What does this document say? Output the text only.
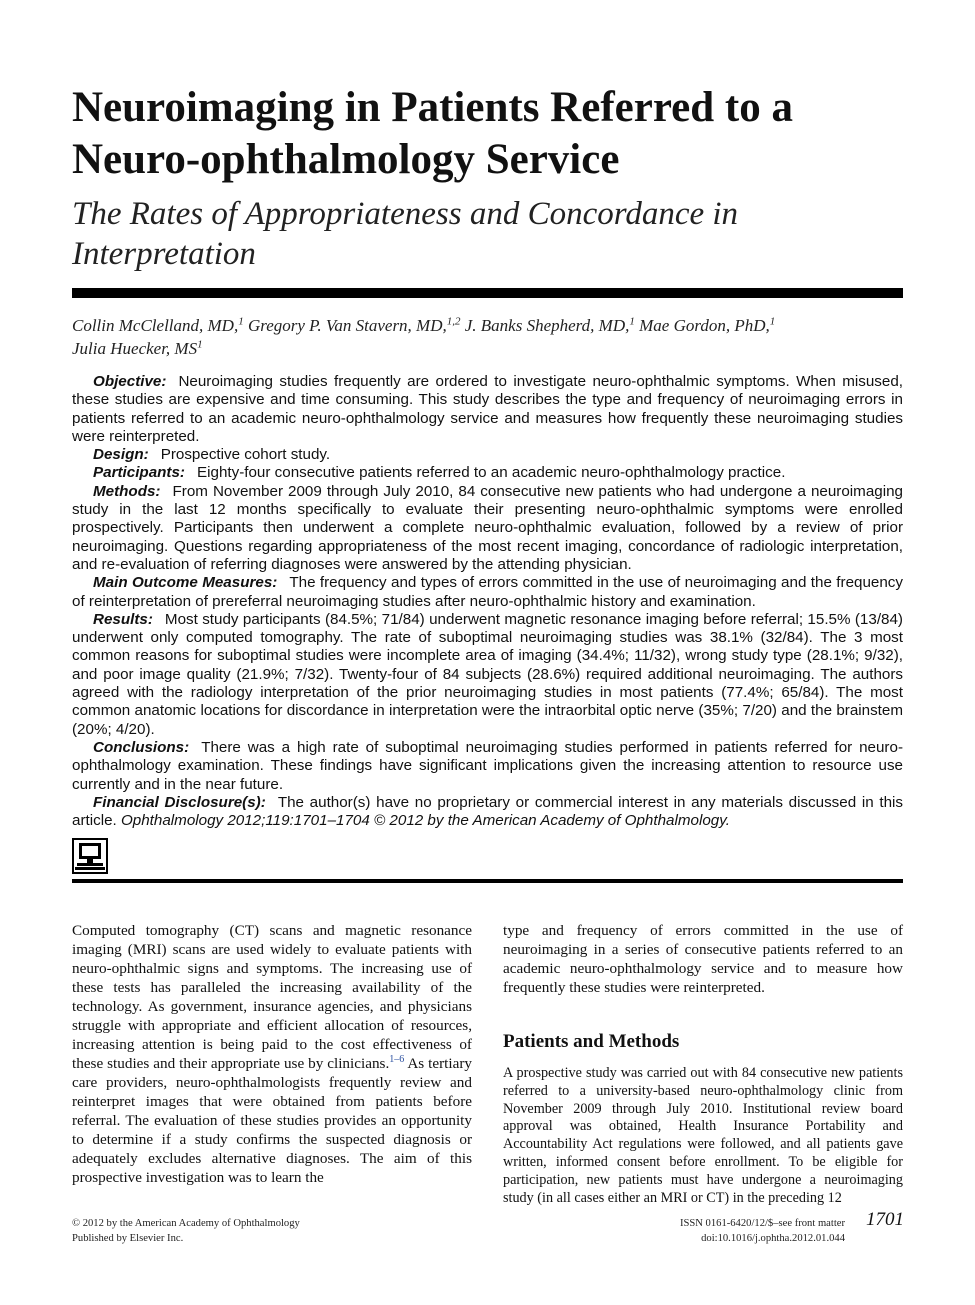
Neuroimaging in Patients Referred to a Neuro-ophthalmology Service
The Rates of Appropriateness and Concordance in Interpretation
Collin McClelland, MD,$^1$ Gregory P. Van Stavern, MD,$^{1,2}$ J. Banks Shepherd, MD,$^1$ Mae Gordon, PhD,$^1$
Julia Huecker, $MS^1$

Objective: Neuroimaging studies frequently are ordered to investigate neuro-ophthalmic symptoms. When misused, these studies are expensive and time consuming. This study describes the type and frequency of neuroimaging errors in patients referred to an academic neuro-ophthalmology service and measures how frequently these neuroimaging studies were reinterpreted.

Design: Prospective cohort study.

Participants: Eighty-four consecutive patients referred to an academic neuro-ophthalmology practice.

Methods: From November 2009 through July 2010, 84 consecutive new patients who had undergone a neuroimaging study in the last 12 months specifically to evaluate their presenting neuro-ophthalmic symptoms were enrolled prospectively. Participants then underwent a complete neuro-ophthalmic evaluation, followed by a review of prior neuroimaging. Questions regarding appropriateness of the most recent imaging, concordance of radiologic interpretation, and re-evaluation of referring diagnoses were answered by the attending physician.

Main Outcome Measures: The frequency and types of errors committed in the use of neuroimaging and the frequency of reinterpretation of prereferral neuroimaging studies after neuro-ophthalmic history and examination.

Results: Most study participants (84.5%; 71/84) underwent magnetic resonance imaging before referral; 15.5% (13/84) underwent only computed tomography. The rate of suboptimal neuroimaging studies was 38.1% (32/84). The 3 most common reasons for suboptimal studies were incomplete area of imaging (34.4%; 11/32), wrong study type (28.1%; 9/32), and poor image quality (21.9%; 7/32). Twenty-four of 84 subjects (28.6%) required additional neuroimaging. The authors agreed with the radiology interpretation of the prior neuroimaging studies in most patients (77.4%; 65/84). The most common anatomic locations for discordance in interpretation were the intraorbital optic nerve (35%; 7/20) and the brainstem (20%; 4/20).

Conclusions: There was a high rate of suboptimal neuroimaging studies performed in patients referred for neuro-ophthalmology examination. These findings have significant implications given the increasing attention to resource use currently and in the near future.

Financial Disclosure(s): The author(s) have no proprietary or commercial interest in any materials discussed in this article. Ophthalmology 2012;119:1701–1704 © 2012 by the American Academy of Ophthalmology.

Computed tomography (CT) scans and magnetic resonance imaging (MRI) scans are used widely to evaluate patients with neuro-ophthalmic signs and symptoms. The increasing use of these tests has paralleled the increasing availability of the technology. As government, insurance agencies, and physicians struggle with appropriate and efficient allocation of resources, increasing attention is being paid to the cost effectiveness of these studies and their appropriate use by clinicians.$^{1-6}$ As tertiary care providers, neuro-ophthalmologists frequently review and reinterpret images that were obtained from patients before referral. The evaluation of these studies provides an opportunity to determine if a study confirms the suspected diagnosis or adequately excludes alternative diagnoses. The aim of this prospective investigation was to learn the

type and frequency of errors committed in the use of neuroimaging in a series of consecutive patients referred to an academic neuro-ophthalmology service and to measure how frequently these studies were reinterpreted.

Patients and Methods

A prospective study was carried out with 84 consecutive new patients referred to a university-based neuro-ophthalmology clinic from November 2009 through July 2010. Institutional review board approval was obtained, Health Insurance Portability and Accountability Act regulations were followed, and all patients gave written, informed consent before enrollment. To be eligible for participation, new patients must have undergone a neuroimaging study (in all cases either an MRI or CT) in the preceding 12

© 2012 by the American Academy of Ophthalmology
Published by Elsevier Inc.
ISSN 0161-6420/12/$–see front matter
doi:10.1016/j.ophtha.2012.01.044
1701
